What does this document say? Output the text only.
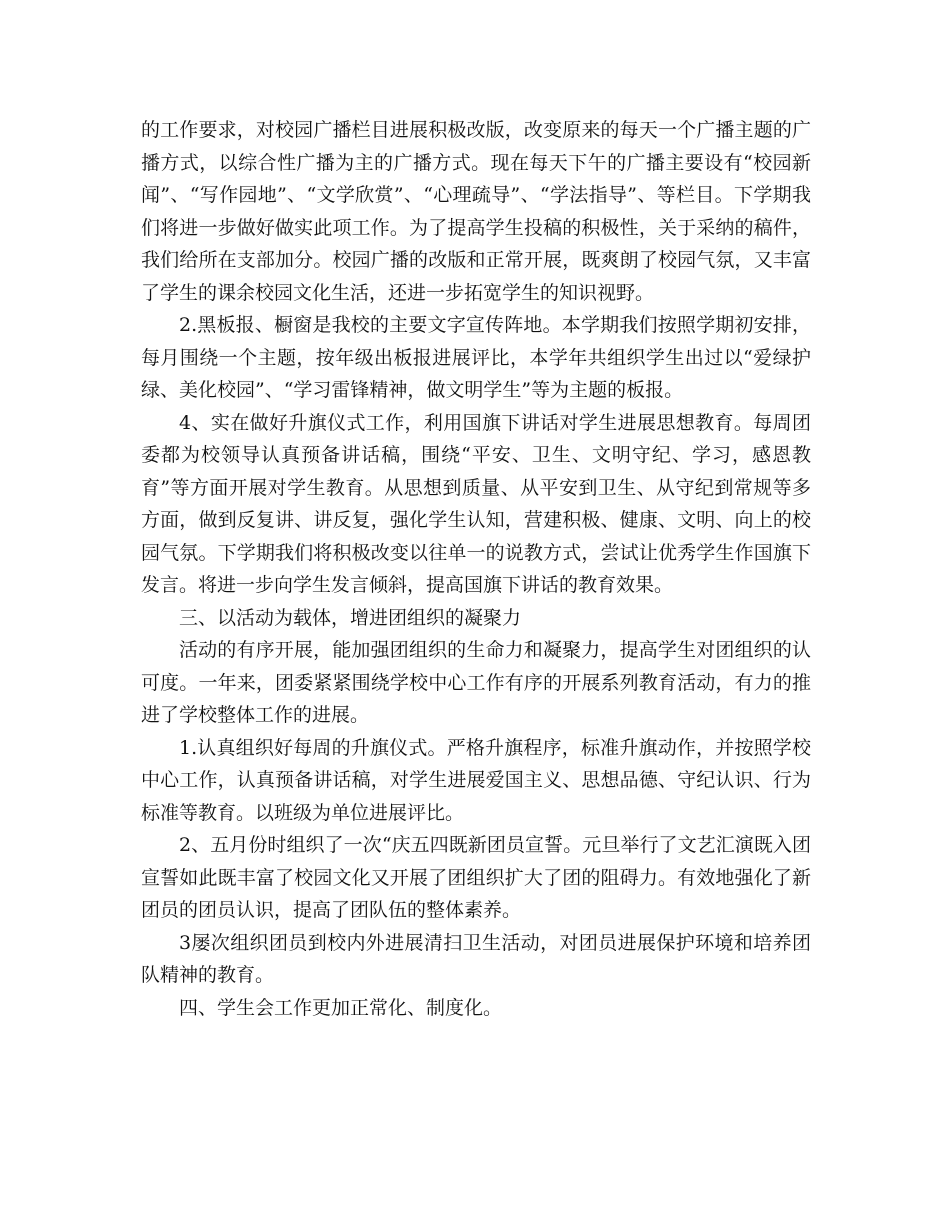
的工作要求，对校园广播栏目进展积极改版，改变原来的每天一个广播主题的广播方式，以综合性广播为主的广播方式。现在每天下午的广播主要设有“校园新闻”、“写作园地”、“文学欣赏”、“心理疏导”、“学法指导”、等栏目。下学期我们将进一步做好做实此项工作。为了提高学生投稿的积极性，关于采纳的稿件，我们给所在支部加分。校园广播的改版和正常开展，既爽朗了校园气氛，又丰富了学生的课余校园文化生活，还进一步拓宽学生的知识视野。

2.黑板报、橱窗是我校的主要文字宣传阵地。本学期我们按照学期初安排，每月围绕一个主题，按年级出板报进展评比，本学年共组织学生出过以“爱绿护绿、美化校园”、“学习雷锋精神，做文明学生”等为主题的板报。

4、实在做好升旗仪式工作，利用国旗下讲话对学生进展思想教育。每周团委都为校领导认真预备讲话稿，围绕“平安、卫生、文明守纪、学习，感恩教育”等方面开展对学生教育。从思想到质量、从平安到卫生、从守纪到常规等多方面，做到反复讲、讲反复，强化学生认知，营建积极、健康、文明、向上的校园气氛。下学期我们将积极改变以往单一的说教方式，尝试让优秀学生作国旗下发言。将进一步向学生发言倾斜，提高国旗下讲话的教育效果。

三、以活动为载体，增进团组织的凝聚力

活动的有序开展，能加强团组织的生命力和凝聚力，提高学生对团组织的认可度。一年来，团委紧紧围绕学校中心工作有序的开展系列教育活动，有力的推进了学校整体工作的进展。

1.认真组织好每周的升旗仪式。严格升旗程序，标准升旗动作，并按照学校中心工作，认真预备讲话稿，对学生进展爱国主义、思想品德、守纪认识、行为标准等教育。以班级为单位进展评比。

2、五月份时组织了一次“庆五四既新团员宣誓。元旦举行了文艺汇演既入团宣誓如此既丰富了校园文化又开展了团组织扩大了团的阻碍力。有效地强化了新团员的团员认识，提高了团队伍的整体素养。

3屡次组织团员到校内外进展清扫卫生活动，对团员进展保护环境和培养团队精神的教育。

四、学生会工作更加正常化、制度化。
